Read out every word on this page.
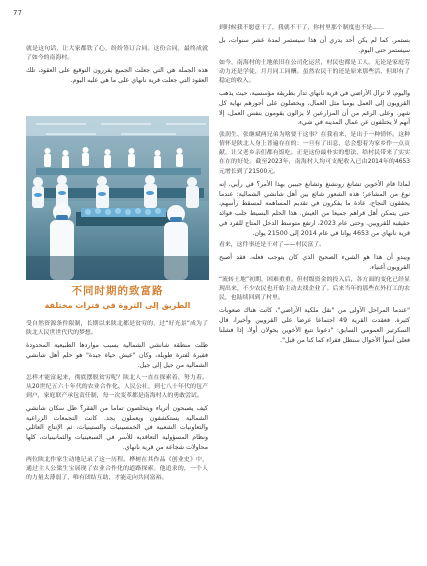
77

就是这句话，让大家都铁了心，纷纷签订合同。这份合同，最终成就了如今的南海村。

هذه الجملة هي التي جعلت الجميع يقررون التوقيع على العقود، تلك العقود التي جعلت قرية نانهاي على ما هي عليه اليوم.

不同时期的致富路
الطريق إلى الثروة في فترات مختلفة

受自然资源条件限制，长期以来陕北都是贫穷的，过“好光景”成为了陕北人民世世代代的梦想。

ظلت منطقة شانشي الشمالية بسبب مواردها الطبيعية المحدودة فقيرة لفترة طويلة، وكان "عيش حياة جيدة" هو حلم أهل شانشي الشمالية من جيل إلى جيل.

怎样才能富起来，彻底摆脱贫穷呢？陕北人一直在探索着，努力着。从20世纪五六十年代的农业合作化、人民公社，到七八十年代的包产到户，家庭联产承包责任制，每一次变革都是南海村人的勇敢尝试。

كيف يصبحون أثرياء ويتخلصون تماما من الفقر؟ ظل سكان شانشي الشمالية يستكشفون ويعملون بجد. كانت التجمعات الزراعية والتعاونيات الشعبية في الخمسينيات والستينيات، ثم الإنتاج العائلي ونظام المسؤولية التعاقدية للأسر في السبعينيات والثمانينيات، كلها محاولات شجاعة من قرية نانهاي.

两位陕北作家生动地记录了这一历程。桦树在其作品《创业史》中，通过主人公梁生宝展现了农业合作化的道路探索。他追求的，一个人的力量太薄弱了，唯有团结互助，才能走向共同富裕。

到时候我不愿意干了，我就不干了，你村里那个制度也不是……

بستمر. كما لم يكن أحد يدري أن هذا سيستمر لمدة عشر سنوات، بل سيستمر حتى اليوم.

如今，南海村的土地依旧在公司化运营，村民也都是工人。无论是家庭劳动力还是学徒，月月同工同酬。虽然农民干的还是原来那些活，但却有了稳定的收入。

واليوم، لا تزال الأراضي في قرية نانهاي تدار بطريقة مؤسسية، حيث يذهب القرويون إلى العمل يوميا مثل العمال، ويحصلون على أجورهم نهاية كل شهر. وعلى الرغم من أن المزارعين لا يزالون يقومون بنفس العمل، إلا أنهم لا يختلفون عن عمال المدينة في شيء.

张润生、张继斌两兄弟为啥要干这事？在我看来，是出于一种情怀。这种情怀是陕北人身上普遍存在的：一旦有了出息，总会想着为家乡作一点贡献，让父老乡亲们都有饭吃。正是这份最朴实的想法，给村民带来了实实在在的好处。截至2023年，南海村人均可支配收入已由2014年的4653元增长到了21500元。

لماذا قام الأخوين تشانغ رونشنغ وتشانغ جيبين بهذا الأمر؟ في رأيي، إنه نوع من المشاعر؛ هذه الشعور شائع بين أهل شانشي الشمالية: عندما يحققون النجاح، عادة ما يفكرون في تقديم المساهمة لمسقط رأسهم، حتى يتمكن أهل قراهم جميعا من العيش. هذا الحلم البسيط جلب فوائد حقيقية للقرويين. وحتى عام 2023، ارتفع متوسط الدخل المتاح للفرد في قرية نانهاي من 4653 يوانا في عام 2014 إلى 21500 يوان.

看来，这件事还是干对了——村民富了。

ويبدو أن هذا هو الشيء الصحيح الذي كان يتوجب فعله، فقد أصبح القرويون أغنياء.

“流转土地”初期，困难重重。但村级资金的投入后，各方面的变化已经显现出来，不少农民也开始主动去找企业了。后来当年的那些在外打工的农民，也陆续回到了村里。

"عندما المراحل الأولى من "نقل ملكية الأراضي"، كانت هناك صعوبات كثيرة. فعقدت القرية 49 اجتماعا عرضا على القرويين وأخيرا، قال السكرتير العمومي السابق: "دعونا نتبع الأخوين يحولان أولا، إذا فشلنا فعلى أسوأ الأحوال سنطل فقراء كما كنا من قبل".
